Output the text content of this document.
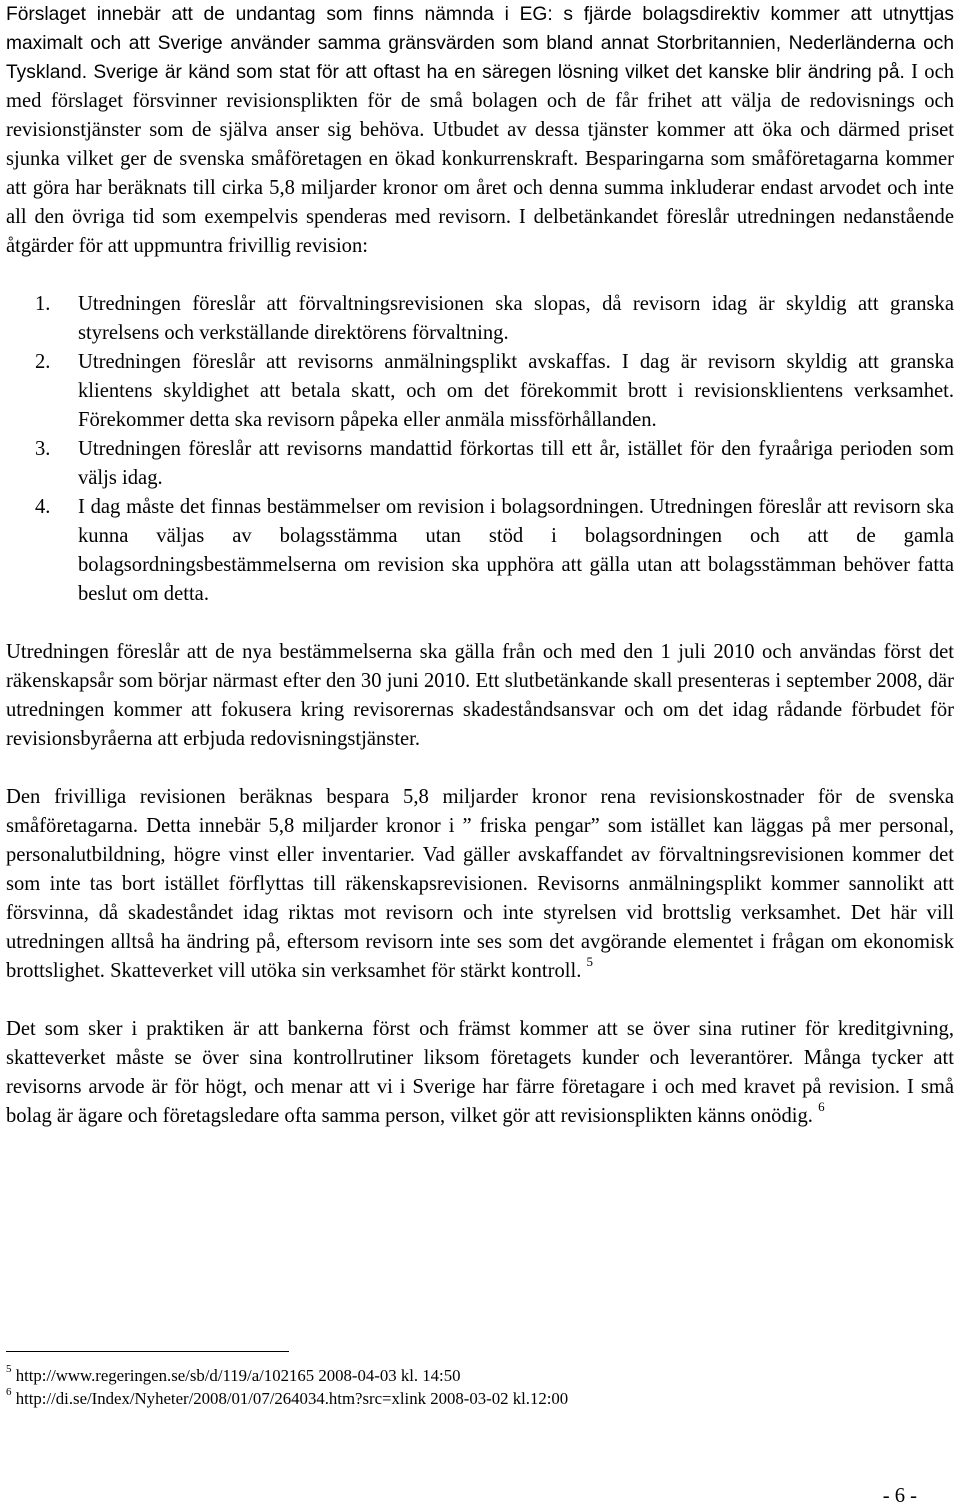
Förslaget innebär att de undantag som finns nämnda i EG: s fjärde bolagsdirektiv kommer att utnyttjas maximalt och att Sverige använder samma gränsvärden som bland annat Storbritannien, Nederländerna och Tyskland. Sverige är känd som stat för att oftast ha en säregen lösning vilket det kanske blir ändring på. I och med förslaget försvinner revisionsplikten för de små bolagen och de får frihet att välja de redovisnings och revisionstjänster som de själva anser sig behöva. Utbudet av dessa tjänster kommer att öka och därmed priset sjunka vilket ger de svenska småföretagen en ökad konkurrenskraft. Besparingarna som småföretagarna kommer att göra har beräknats till cirka 5,8 miljarder kronor om året och denna summa inkluderar endast arvodet och inte all den övriga tid som exempelvis spenderas med revisorn. I delbetänkandet föreslår utredningen nedanstående åtgärder för att uppmuntra frivillig revision:

1. Utredningen föreslår att förvaltningsrevisionen ska slopas, då revisorn idag är skyldig att granska styrelsens och verkställande direktörens förvaltning.
2. Utredningen föreslår att revisorns anmälningsplikt avskaffas. I dag är revisorn skyldig att granska klientens skyldighet att betala skatt, och om det förekommit brott i revisionsklientens verksamhet. Förekommer detta ska revisorn påpeka eller anmäla missförhållanden.
3. Utredningen föreslår att revisorns mandattid förkortas till ett år, istället för den fyraåriga perioden som väljs idag.
4. I dag måste det finnas bestämmelser om revision i bolagsordningen. Utredningen föreslår att revisorn ska kunna väljas av bolagsstämma utan stöd i bolagsordningen och att de gamla bolagsordningsbestämmelserna om revision ska upphöra att gälla utan att bolagsstämman behöver fatta beslut om detta.

Utredningen föreslår att de nya bestämmelserna ska gälla från och med den 1 juli 2010 och användas först det räkenskapsår som börjar närmast efter den 30 juni 2010. Ett slutbetänkande skall presenteras i september 2008, där utredningen kommer att fokusera kring revisorernas skadeståndsansvar och om det idag rådande förbudet för revisionsbyråerna att erbjuda redovisningstjänster.

Den frivilliga revisionen beräknas bespara 5,8 miljarder kronor rena revisionskostnader för de svenska småföretagarna. Detta innebär 5,8 miljarder kronor i ” friska pengar” som istället kan läggas på mer personal, personalutbildning, högre vinst eller inventarier. Vad gäller avskaffandet av förvaltningsrevisionen kommer det som inte tas bort istället förflyttas till räkenskapsrevisionen. Revisorns anmälningsplikt kommer sannolikt att försvinna, då skadeståndet idag riktas mot revisorn och inte styrelsen vid brottslig verksamhet. Det här vill utredningen alltså ha ändring på, eftersom revisorn inte ses som det avgörande elementet i frågan om ekonomisk brottslighet. Skatteverket vill utöka sin verksamhet för stärkt kontroll. $^5$

Det som sker i praktiken är att bankerna först och främst kommer att se över sina rutiner för kreditgivning, skatteverket måste se över sina kontrollrutiner liksom företagets kunder och leverantörer. Många tycker att revisorns arvode är för högt, och menar att vi i Sverige har färre företagare i och med kravet på revision. I små bolag är ägare och företagsledare ofta samma person, vilket gör att revisionsplikten känns onödig. $^6$

$^5$ http://www.regeringen.se/sb/d/119/a/102165 2008-04-03 kl. 14:50
$^6$ http://di.se/Index/Nyheter/2008/01/07/264034.htm?src=xlink 2008-03-02 kl.12:00
- 6 -
